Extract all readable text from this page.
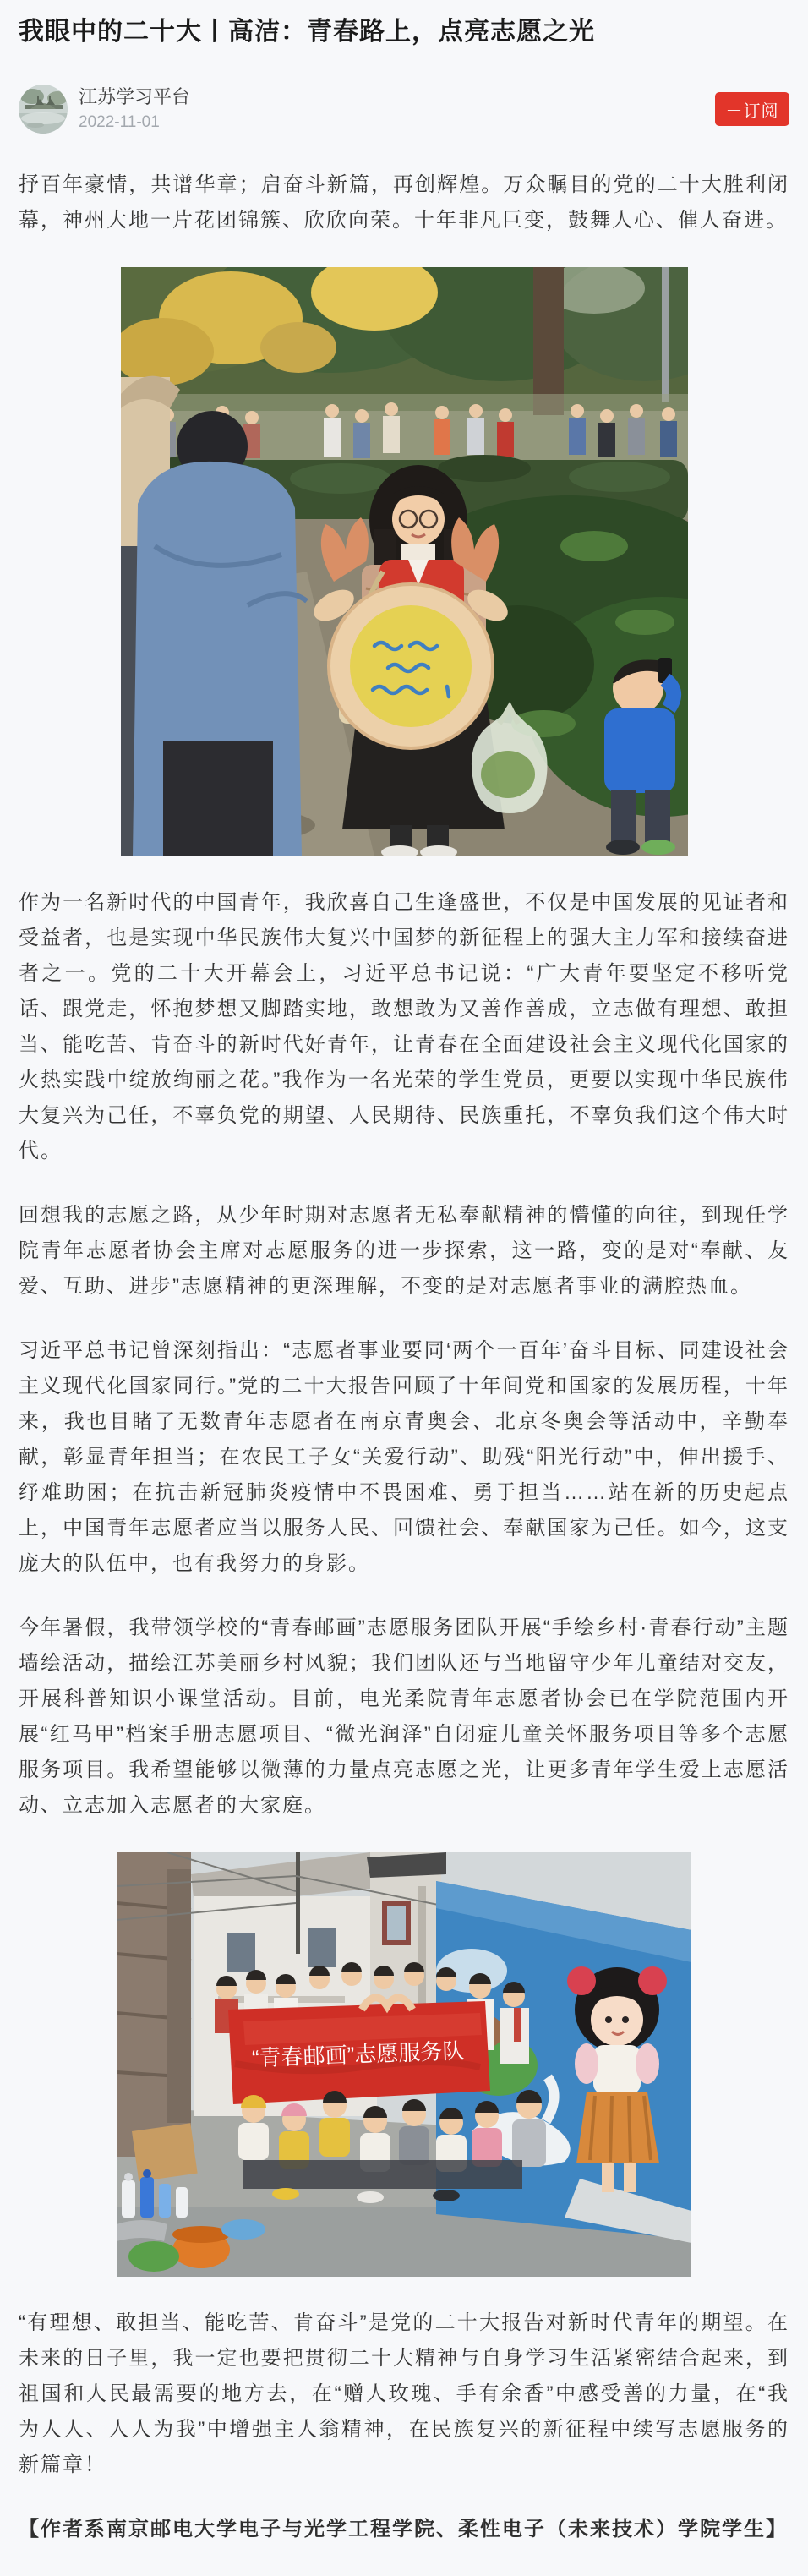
我眼中的二十大丨高洁：青春路上，点亮志愿之光
江苏学习平台
2022-11-01
＋订阅

抒百年豪情，共谱华章；启奋斗新篇，再创辉煌。万众瞩目的党的二十大胜利闭幕，神州大地一片花团锦簇、欣欣向荣。十年非凡巨变，鼓舞人心、催人奋进。

作为一名新时代的中国青年，我欣喜自己生逢盛世，不仅是中国发展的见证者和受益者，也是实现中华民族伟大复兴中国梦的新征程上的强大主力军和接续奋进者之一。党的二十大开幕会上，习近平总书记说：“广大青年要坚定不移听党话、跟党走，怀抱梦想又脚踏实地，敢想敢为又善作善成，立志做有理想、敢担当、能吃苦、肯奋斗的新时代好青年，让青春在全面建设社会主义现代化国家的火热实践中绽放绚丽之花。”我作为一名光荣的学生党员，更要以实现中华民族伟大复兴为己任，不辜负党的期望、人民期待、民族重托，不辜负我们这个伟大时代。

回想我的志愿之路，从少年时期对志愿者无私奉献精神的懵懂的向往，到现任学院青年志愿者协会主席对志愿服务的进一步探索，这一路，变的是对“奉献、友爱、互助、进步”志愿精神的更深理解，不变的是对志愿者事业的满腔热血。

习近平总书记曾深刻指出：“志愿者事业要同‘两个一百年’奋斗目标、同建设社会主义现代化国家同行。”党的二十大报告回顾了十年间党和国家的发展历程，十年来，我也目睹了无数青年志愿者在南京青奥会、北京冬奥会等活动中，辛勤奉献，彰显青年担当；在农民工子女“关爱行动”、助残“阳光行动”中，伸出援手、纾难助困；在抗击新冠肺炎疫情中不畏困难、勇于担当……站在新的历史起点上，中国青年志愿者应当以服务人民、回馈社会、奉献国家为己任。如今，这支庞大的队伍中，也有我努力的身影。

今年暑假，我带领学校的“青春邮画”志愿服务团队开展“手绘乡村·青春行动”主题墙绘活动，描绘江苏美丽乡村风貌；我们团队还与当地留守少年儿童结对交友，开展科普知识小课堂活动。目前，电光柔院青年志愿者协会已在学院范围内开展“红马甲”档案手册志愿项目、“微光润泽”自闭症儿童关怀服务项目等多个志愿服务项目。我希望能够以微薄的力量点亮志愿之光，让更多青年学生爱上志愿活动、立志加入志愿者的大家庭。

“青春邮画”志愿服务队

“有理想、敢担当、能吃苦、肯奋斗”是党的二十大报告对新时代青年的期望。在未来的日子里，我一定也要把贯彻二十大精神与自身学习生活紧密结合起来，到祖国和人民最需要的地方去，在“赠人玫瑰、手有余香”中感受善的力量，在“我为人人、人人为我”中增强主人翁精神，在民族复兴的新征程中续写志愿服务的新篇章！

【作者系南京邮电大学电子与光学工程学院、柔性电子（未来技术）学院学生】
